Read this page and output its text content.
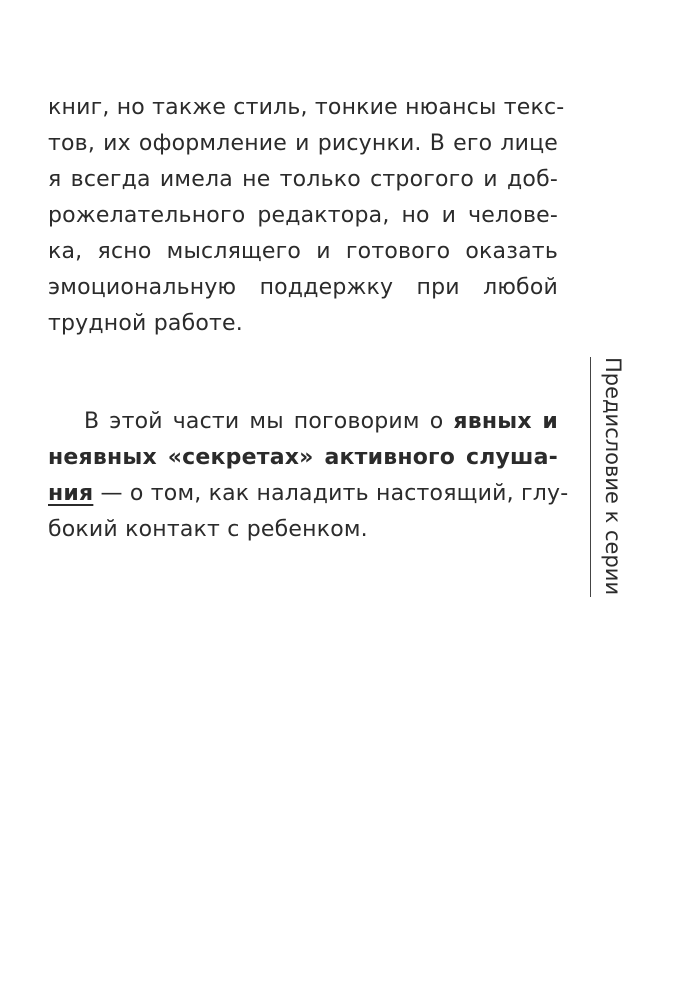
книг, но также стиль, тонкие нюансы текс-
тов, их оформление и рисунки. В его лице
я всегда имела не только строгого и доб-
рожелательного редактора, но и челове-
ка, ясно мыслящего и готового оказать
эмоциональную поддержку при любой
трудной работе.
В этой части мы поговорим о явных и
неявных «секретах» активного слуша-
ния — о том, как наладить настоящий, глу-
бокий контакт с ребенком.	Предисловие к серии
